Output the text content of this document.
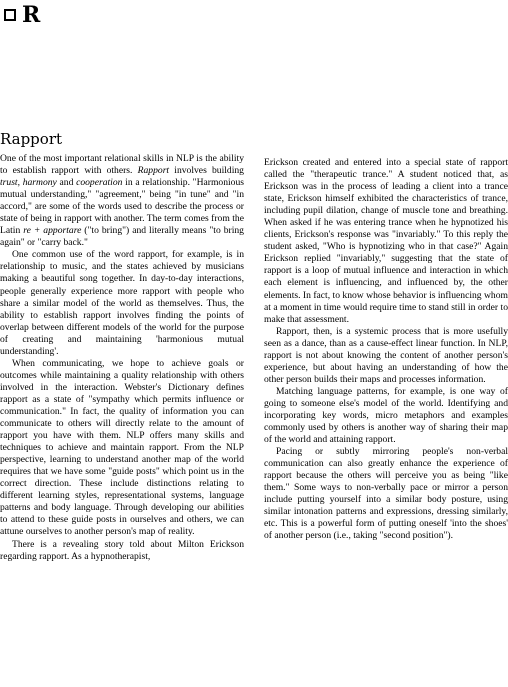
R
Rapport

One of the most important relational skills in NLP is the ability to establish rapport with others. Rapport involves building trust, harmony and cooperation in a relationship. "Harmonious mutual understanding," "agreement," being "in tune" and "in accord," are some of the words used to describe the process or state of being in rapport with another. The term comes from the Latin re + apportare ("to bring") and literally means "to bring again" or "carry back."

One common use of the word rapport, for example, is in relationship to music, and the states achieved by musicians making a beautiful song together. In day-to-day interactions, people generally experience more rapport with people who share a similar model of the world as themselves. Thus, the ability to establish rapport involves finding the points of overlap between different models of the world for the purpose of creating and maintaining 'harmonious mutual understanding'.

When communicating, we hope to achieve goals or outcomes while maintaining a quality relationship with others involved in the interaction. Webster's Dictionary defines rapport as a state of "sympathy which permits influence or communication." In fact, the quality of information you can communicate to others will directly relate to the amount of rapport you have with them. NLP offers many skills and techniques to achieve and maintain rapport. From the NLP perspective, learning to understand another map of the world requires that we have some "guide posts" which point us in the correct direction. These include distinctions relating to different learning styles, representational systems, language patterns and body language. Through developing our abilities to attend to these guide posts in ourselves and others, we can attune ourselves to another person's map of reality.

There is a revealing story told about Milton Erickson regarding rapport. As a hypnotherapist,

Erickson created and entered into a special state of rapport called the "therapeutic trance." A student noticed that, as Erickson was in the process of leading a client into a trance state, Erickson himself exhibited the characteristics of trance, including pupil dilation, change of muscle tone and breathing. When asked if he was entering trance when he hypnotized his clients, Erickson's response was "invariably." To this reply the student asked, "Who is hypnotizing who in that case?" Again Erickson replied "invariably," suggesting that the state of rapport is a loop of mutual influence and interaction in which each element is influencing, and influenced by, the other elements. In fact, to know whose behavior is influencing whom at a moment in time would require time to stand still in order to make that assessment.

Rapport, then, is a systemic process that is more usefully seen as a dance, than as a cause-effect linear function. In NLP, rapport is not about knowing the content of another person's experience, but about having an understanding of how the other person builds their maps and processes information.

Matching language patterns, for example, is one way of going to someone else's model of the world. Identifying and incorporating key words, micro metaphors and examples commonly used by others is another way of sharing their map of the world and attaining rapport.

Pacing or subtly mirroring people's non-verbal communication can also greatly enhance the experience of rapport because the others will perceive you as being "like them." Some ways to non-verbally pace or mirror a person include putting yourself into a similar body posture, using similar intonation patterns and expressions, dressing similarly, etc. This is a powerful form of putting oneself 'into the shoes' of another person (i.e., taking "second position").
